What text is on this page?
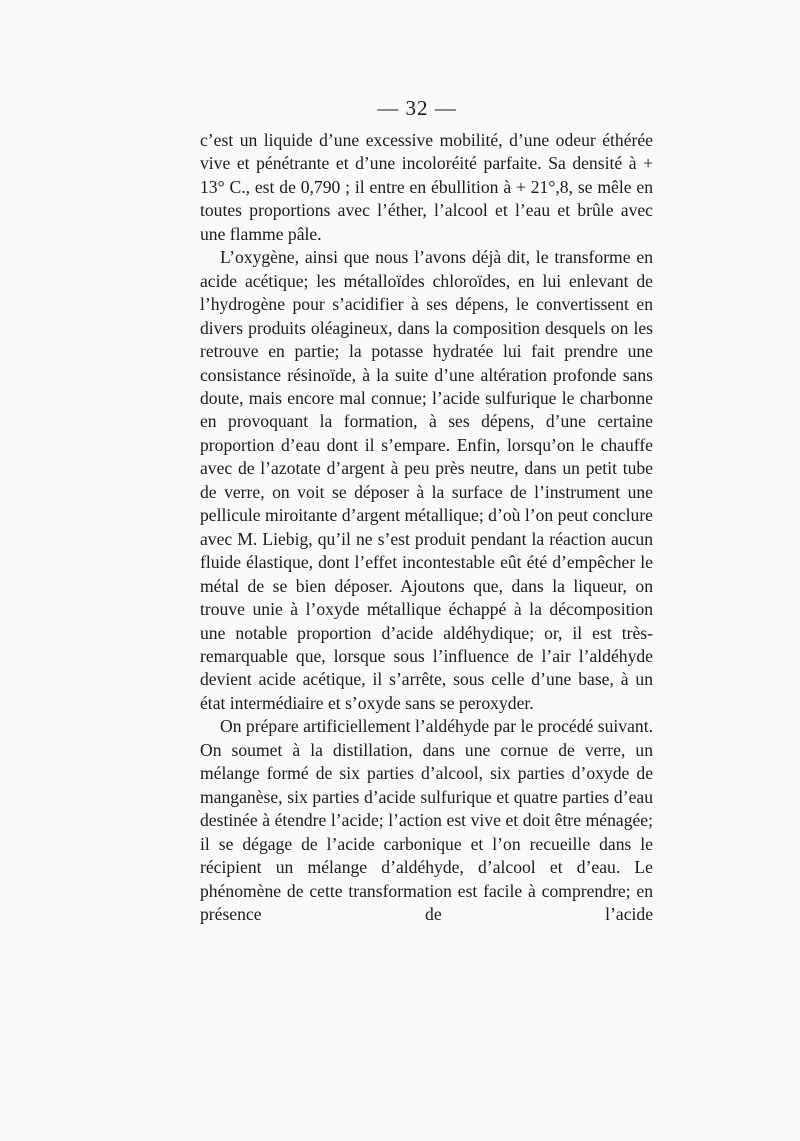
— 32 —

c’est un liquide d’une excessive mobilité, d’une odeur éthérée vive et pénétrante et d’une incoloréité parfaite. Sa densité à + 13° C., est de 0,790 ; il entre en ébullition à + 21°,8, se mêle en toutes proportions avec l’éther, l’alcool et l’eau et brûle avec une flamme pâle.

L’oxygène, ainsi que nous l’avons déjà dit, le transforme en acide acétique; les métalloïdes chloroïdes, en lui enlevant de l’hydrogène pour s’acidifier à ses dépens, le convertissent en divers produits oléagineux, dans la composition desquels on les retrouve en partie; la potasse hydratée lui fait prendre une consistance résinoïde, à la suite d’une altération profonde sans doute, mais encore mal connue; l’acide sulfurique le charbonne en provoquant la formation, à ses dépens, d’une certaine proportion d’eau dont il s’empare. Enfin, lorsqu’on le chauffe avec de l’azotate d’argent à peu près neutre, dans un petit tube de verre, on voit se déposer à la surface de l’instrument une pellicule miroitante d’argent métallique; d’où l’on peut conclure avec M. Liebig, qu’il ne s’est produit pendant la réaction aucun fluide élastique, dont l’effet incontestable eût été d’empêcher le métal de se bien déposer. Ajoutons que, dans la liqueur, on trouve unie à l’oxyde métallique échappé à la décomposition une notable proportion d’acide aldéhydique; or, il est très-remarquable que, lorsque sous l’influence de l’air l’aldéhyde devient acide acétique, il s’arrête, sous celle d’une base, à un état intermédiaire et s’oxyde sans se peroxyder.

On prépare artificiellement l’aldéhyde par le procédé suivant. On soumet à la distillation, dans une cornue de verre, un mélange formé de six parties d’alcool, six parties d’oxyde de manganèse, six parties d’acide sulfurique et quatre parties d’eau destinée à étendre l’acide; l’action est vive et doit être ménagée; il se dégage de l’acide carbonique et l’on recueille dans le récipient un mélange d’aldéhyde, d’alcool et d’eau. Le phénomène de cette transformation est facile à comprendre; en présence de l’acide
